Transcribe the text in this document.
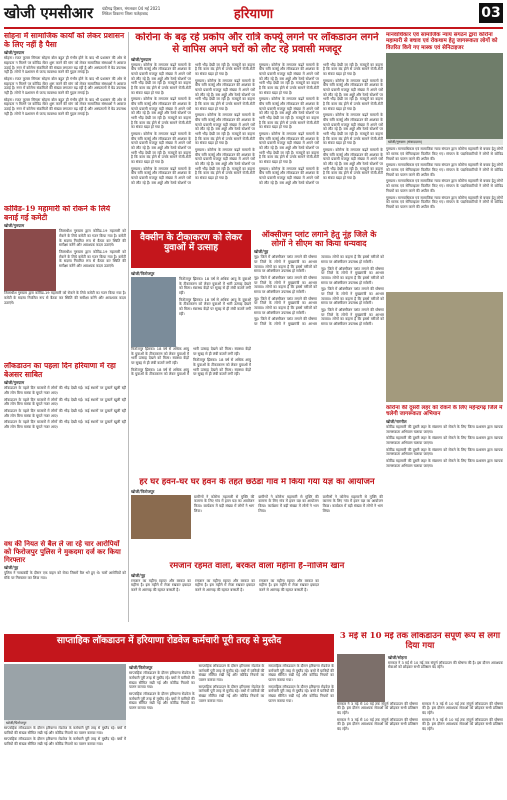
खोजी एमसीआर चंडीगढ़ हिसार, मंगलवार 04 मई 2021
लिंकेश ठिकाना जिला फतेहाबाद	हरियाणा	03
सोहना में सामाजिक कार्यों को लेकर प्रशासन के लिए नहीं है पैसा
खोजी/गुरुग्राम

सोहना। रजत कुमार सिंगला सोहना बोल बहुत ही गंभीर होने के बाद भी प्रशासन की ओर से सहायता न मिलने पर कोविड सेंटर शुरू करने की मांग को लेकर सामाजिक संस्थाओं ने आवाज उठाई है। नगर में कोरोना संक्रमितों की संख्या लगातार बढ़ रही है और अस्पतालों में बेड उपलब्ध नहीं हैं। लोगों ने प्रशासन से जल्द व्यवस्था करने की गुहार लगाई है।

सोहना। रजत कुमार सिंगला सोहना बोल बहुत ही गंभीर होने के बाद भी प्रशासन की ओर से सहायता न मिलने पर कोविड सेंटर शुरू करने की मांग को लेकर सामाजिक संस्थाओं ने आवाज उठाई है। नगर में कोरोना संक्रमितों की संख्या लगातार बढ़ रही है और अस्पतालों में बेड उपलब्ध नहीं हैं। लोगों ने प्रशासन से जल्द व्यवस्था करने की गुहार लगाई है।

सोहना। रजत कुमार सिंगला सोहना बोल बहुत ही गंभीर होने के बाद भी प्रशासन की ओर से सहायता न मिलने पर कोविड सेंटर शुरू करने की मांग को लेकर सामाजिक संस्थाओं ने आवाज उठाई है। नगर में कोरोना संक्रमितों की संख्या लगातार बढ़ रही है और अस्पतालों में बेड उपलब्ध नहीं हैं। लोगों ने प्रशासन से जल्द व्यवस्था करने की गुहार लगाई है।

कोविड-19 महामारी को रोकने के लिये बनाई गई कमेटी
खोजी/गुरुग्राम

जिलाधीश गुरुग्राम द्वारा कोविड-19 महामारी को रोकने के लिये कमेटी का गठन किया गया है। कमेटी के सदस्य नियमित रूप से बैठक कर स्थिति की समीक्षा करेंगे और आवश्यक कदम उठाएंगे।

जिलाधीश गुरुग्राम द्वारा कोविड-19 महामारी को रोकने के लिये कमेटी का गठन किया गया है। कमेटी के सदस्य नियमित रूप से बैठक कर स्थिति की समीक्षा करेंगे और आवश्यक कदम उठाएंगे।

जिलाधीश गुरुग्राम द्वारा कोविड-19 महामारी को रोकने के लिये कमेटी का गठन किया गया है। कमेटी के सदस्य नियमित रूप से बैठक कर स्थिति की समीक्षा करेंगे और आवश्यक कदम उठाएंगे।

लॉकडाउन का पहला दिन हरियाणा में रहा बेअसर साबित
खोजी/गुरुग्राम

लॉकडाउन के पहले दिन बाजारों में लोगों की भीड़ देखी गई। कई स्थानों पर दुकानें खुली रहीं और लोग बिना मास्क के घूमते नजर आए।

लॉकडाउन के पहले दिन बाजारों में लोगों की भीड़ देखी गई। कई स्थानों पर दुकानें खुली रहीं और लोग बिना मास्क के घूमते नजर आए।

लॉकडाउन के पहले दिन बाजारों में लोगों की भीड़ देखी गई। कई स्थानों पर दुकानें खुली रहीं और लोग बिना मास्क के घूमते नजर आए।

लॉकडाउन के पहले दिन बाजारों में लोगों की भीड़ देखी गई। कई स्थानों पर दुकानें खुली रहीं और लोग बिना मास्क के घूमते नजर आए।

वध की नियत से बैल ले जा रहे चार आरोपियों को फिरोजपुर पुलिस ने मुकदमा दर्ज कर किया गिरफ्तार
खोजी/नूह

पुलिस ने नाकाबंदी के दौरान एक वाहन को रोका जिसमें बैल भरे हुए थे। चारों आरोपियों को मौके पर गिरफ्तार कर लिया गया।

कोरोना के बढ़ रहे प्रकोप और रात्रि कर्फ्यू लगने पर लॉकडाउन लगने से वापिस अपने घरों को लौट रहे प्रवासी मजदूर
खोजी/गुरुग्राम

गुरुग्राम। कोरोना के लगातार बढ़ते मामलों के बीच रात्रि कर्फ्यू और लॉकडाउन की आशंका के चलते प्रवासी मजदूर बड़ी संख्या में अपने घरों को लौट रहे हैं। बस अड्डों और रेलवे स्टेशनों पर भारी भीड़ देखी जा रही है। मजदूरों का कहना है कि काम बंद होने से उनके सामने रोजी-रोटी का संकट खड़ा हो गया है।

गुरुग्राम। कोरोना के लगातार बढ़ते मामलों के बीच रात्रि कर्फ्यू और लॉकडाउन की आशंका के चलते प्रवासी मजदूर बड़ी संख्या में अपने घरों को लौट रहे हैं। बस अड्डों और रेलवे स्टेशनों पर भारी भीड़ देखी जा रही है। मजदूरों का कहना है कि काम बंद होने से उनके सामने रोजी-रोटी का संकट खड़ा हो गया है।

गुरुग्राम। कोरोना के लगातार बढ़ते मामलों के बीच रात्रि कर्फ्यू और लॉकडाउन की आशंका के चलते प्रवासी मजदूर बड़ी संख्या में अपने घरों को लौट रहे हैं। बस अड्डों और रेलवे स्टेशनों पर भारी भीड़ देखी जा रही है। मजदूरों का कहना है कि काम बंद होने से उनके सामने रोजी-रोटी का संकट खड़ा हो गया है।

गुरुग्राम। कोरोना के लगातार बढ़ते मामलों के बीच रात्रि कर्फ्यू और लॉकडाउन की आशंका के चलते प्रवासी मजदूर बड़ी संख्या में अपने घरों को लौट रहे हैं। बस अड्डों और रेलवे स्टेशनों पर भारी भीड़ देखी जा रही है। मजदूरों का कहना है कि काम बंद होने से उनके सामने रोजी-रोटी का संकट खड़ा हो गया है।

गुरुग्राम। कोरोना के लगातार बढ़ते मामलों के बीच रात्रि कर्फ्यू और लॉकडाउन की आशंका के चलते प्रवासी मजदूर बड़ी संख्या में अपने घरों को लौट रहे हैं। बस अड्डों और रेलवे स्टेशनों पर भारी भीड़ देखी जा रही है। मजदूरों का कहना है कि काम बंद होने से उनके सामने रोजी-रोटी का संकट खड़ा हो गया है।

गुरुग्राम। कोरोना के लगातार बढ़ते मामलों के बीच रात्रि कर्फ्यू और लॉकडाउन की आशंका के चलते प्रवासी मजदूर बड़ी संख्या में अपने घरों को लौट रहे हैं। बस अड्डों और रेलवे स्टेशनों पर भारी भीड़ देखी जा रही है। मजदूरों का कहना है कि काम बंद होने से उनके सामने रोजी-रोटी का संकट खड़ा हो गया है।

गुरुग्राम। कोरोना के लगातार बढ़ते मामलों के बीच रात्रि कर्फ्यू और लॉकडाउन की आशंका के चलते प्रवासी मजदूर बड़ी संख्या में अपने घरों को लौट रहे हैं। बस अड्डों और रेलवे स्टेशनों पर भारी भीड़ देखी जा रही है। मजदूरों का कहना है कि काम बंद होने से उनके सामने रोजी-रोटी का संकट खड़ा हो गया है।

गुरुग्राम। कोरोना के लगातार बढ़ते मामलों के बीच रात्रि कर्फ्यू और लॉकडाउन की आशंका के चलते प्रवासी मजदूर बड़ी संख्या में अपने घरों को लौट रहे हैं। बस अड्डों और रेलवे स्टेशनों पर भारी भीड़ देखी जा रही है। मजदूरों का कहना है कि काम बंद होने से उनके सामने रोजी-रोटी का संकट खड़ा हो गया है।

गुरुग्राम। कोरोना के लगातार बढ़ते मामलों के बीच रात्रि कर्फ्यू और लॉकडाउन की आशंका के चलते प्रवासी मजदूर बड़ी संख्या में अपने घरों को लौट रहे हैं। बस अड्डों और रेलवे स्टेशनों पर भारी भीड़ देखी जा रही है। मजदूरों का कहना है कि काम बंद होने से उनके सामने रोजी-रोटी का संकट खड़ा हो गया है।

गुरुग्राम। कोरोना के लगातार बढ़ते मामलों के बीच रात्रि कर्फ्यू और लॉकडाउन की आशंका के चलते प्रवासी मजदूर बड़ी संख्या में अपने घरों को लौट रहे हैं। बस अड्डों और रेलवे स्टेशनों पर भारी भीड़ देखी जा रही है। मजदूरों का कहना है कि काम बंद होने से उनके सामने रोजी-रोटी का संकट खड़ा हो गया है।

गुरुग्राम। कोरोना के लगातार बढ़ते मामलों के बीच रात्रि कर्फ्यू और लॉकडाउन की आशंका के चलते प्रवासी मजदूर बड़ी संख्या में अपने घरों को लौट रहे हैं। बस अड्डों और रेलवे स्टेशनों पर भारी भीड़ देखी जा रही है। मजदूरों का कहना है कि काम बंद होने से उनके सामने रोजी-रोटी का संकट खड़ा हो गया है।

गुरुग्राम। कोरोना के लगातार बढ़ते मामलों के बीच रात्रि कर्फ्यू और लॉकडाउन की आशंका के चलते प्रवासी मजदूर बड़ी संख्या में अपने घरों को लौट रहे हैं। बस अड्डों और रेलवे स्टेशनों पर भारी भीड़ देखी जा रही है। मजदूरों का कहना है कि काम बंद होने से उनके सामने रोजी-रोटी का संकट खड़ा हो गया है।

गुरुग्राम। कोरोना के लगातार बढ़ते मामलों के बीच रात्रि कर्फ्यू और लॉकडाउन की आशंका के चलते प्रवासी मजदूर बड़ी संख्या में अपने घरों को लौट रहे हैं। बस अड्डों और रेलवे स्टेशनों पर भारी भीड़ देखी जा रही है। मजदूरों का कहना है कि काम बंद होने से उनके सामने रोजी-रोटी का संकट खड़ा हो गया है।

गुरुग्राम। कोरोना के लगातार बढ़ते मामलों के बीच रात्रि कर्फ्यू और लॉकडाउन की आशंका के चलते प्रवासी मजदूर बड़ी संख्या में अपने घरों को लौट रहे हैं। बस अड्डों और रेलवे स्टेशनों पर भारी भीड़ देखी जा रही है। मजदूरों का कहना है कि काम बंद होने से उनके सामने रोजी-रोटी का संकट खड़ा हो गया है।

मानवाधिकार एवं सामाजिक न्याय संगठन द्वारा कोरोना महामारी से बचाव एवं रोकथाम हेतु जागरूकता लोगों को वितरित किये गए मास्क एवं सेनिटाइजर
खोजी/गुरुग्राम (संवाददाता)

गुरुग्राम। मानवाधिकार एवं सामाजिक न्याय संगठन द्वारा कोरोना महामारी से बचाव हेतु लोगों को मास्क एवं सेनिटाइजर वितरित किए गए। संगठन के पदाधिकारियों ने लोगों से कोविड नियमों का पालन करने की अपील की।

गुरुग्राम। मानवाधिकार एवं सामाजिक न्याय संगठन द्वारा कोरोना महामारी से बचाव हेतु लोगों को मास्क एवं सेनिटाइजर वितरित किए गए। संगठन के पदाधिकारियों ने लोगों से कोविड नियमों का पालन करने की अपील की।

गुरुग्राम। मानवाधिकार एवं सामाजिक न्याय संगठन द्वारा कोरोना महामारी से बचाव हेतु लोगों को मास्क एवं सेनिटाइजर वितरित किए गए। संगठन के पदाधिकारियों ने लोगों से कोविड नियमों का पालन करने की अपील की।

गुरुग्राम। मानवाधिकार एवं सामाजिक न्याय संगठन द्वारा कोरोना महामारी से बचाव हेतु लोगों को मास्क एवं सेनिटाइजर वितरित किए गए। संगठन के पदाधिकारियों ने लोगों से कोविड नियमों का पालन करने की अपील की।

वैक्सीन के टीकाकरण को लेकर युवाओं में उत्साह
खोजी/फिरोजपुर

फिरोजपुर झिरका। 18 वर्ष से अधिक आयु के युवाओं के टीकाकरण को लेकर युवाओं में भारी उत्साह देखने को मिला। स्वास्थ्य केंद्रों पर सुबह से ही लंबी कतारें लगी रहीं।

फिरोजपुर झिरका। 18 वर्ष से अधिक आयु के युवाओं के टीकाकरण को लेकर युवाओं में भारी उत्साह देखने को मिला। स्वास्थ्य केंद्रों पर सुबह से ही लंबी कतारें लगी रहीं।

फिरोजपुर झिरका। 18 वर्ष से अधिक आयु के युवाओं के टीकाकरण को लेकर युवाओं में भारी उत्साह देखने को मिला। स्वास्थ्य केंद्रों पर सुबह से ही लंबी कतारें लगी रहीं।

फिरोजपुर झिरका। 18 वर्ष से अधिक आयु के युवाओं के टीकाकरण को लेकर युवाओं में भारी उत्साह देखने को मिला। स्वास्थ्य केंद्रों पर सुबह से ही लंबी कतारें लगी रहीं।

फिरोजपुर झिरका। 18 वर्ष से अधिक आयु के युवाओं के टीकाकरण को लेकर युवाओं में भारी उत्साह देखने को मिला। स्वास्थ्य केंद्रों पर सुबह से ही लंबी कतारें लगी रहीं।

ऑक्सीजन प्लांट लगाने हेतु नूंह जिले के लोगों ने सीएम का किया धन्यवाद
खोजी/नूह

नूह। जिले में ऑक्सीजन प्लांट लगाने की घोषणा पर जिले के लोगों ने मुख्यमंत्री का आभार जताया। लोगों का कहना है कि इससे मरीजों को समय पर ऑक्सीजन उपलब्ध हो सकेगी।

नूह। जिले में ऑक्सीजन प्लांट लगाने की घोषणा पर जिले के लोगों ने मुख्यमंत्री का आभार जताया। लोगों का कहना है कि इससे मरीजों को समय पर ऑक्सीजन उपलब्ध हो सकेगी।

नूह। जिले में ऑक्सीजन प्लांट लगाने की घोषणा पर जिले के लोगों ने मुख्यमंत्री का आभार जताया। लोगों का कहना है कि इससे मरीजों को समय पर ऑक्सीजन उपलब्ध हो सकेगी।

नूह। जिले में ऑक्सीजन प्लांट लगाने की घोषणा पर जिले के लोगों ने मुख्यमंत्री का आभार जताया। लोगों का कहना है कि इससे मरीजों को समय पर ऑक्सीजन उपलब्ध हो सकेगी।

नूह। जिले में ऑक्सीजन प्लांट लगाने की घोषणा पर जिले के लोगों ने मुख्यमंत्री का आभार जताया। लोगों का कहना है कि इससे मरीजों को समय पर ऑक्सीजन उपलब्ध हो सकेगी।

नूह। जिले में ऑक्सीजन प्लांट लगाने की घोषणा पर जिले के लोगों ने मुख्यमंत्री का आभार जताया। लोगों का कहना है कि इससे मरीजों को समय पर ऑक्सीजन उपलब्ध हो सकेगी।

नूह। जिले में ऑक्सीजन प्लांट लगाने की घोषणा पर जिले के लोगों ने मुख्यमंत्री का आभार जताया। लोगों का कहना है कि इससे मरीजों को समय पर ऑक्सीजन उपलब्ध हो सकेगी।

कोरोना की दूसरी लहर को रोकने के लिए महेन्द्रगढ़ जिले में चलेगी जागरूकता अभियान
खोजी/नारनौल

कोविड महामारी की दूसरी लहर के संक्रमण को रोकने के लिए जिला प्रशासन द्वारा व्यापक जागरूकता अभियान चलाया जाएगा।

कोविड महामारी की दूसरी लहर के संक्रमण को रोकने के लिए जिला प्रशासन द्वारा व्यापक जागरूकता अभियान चलाया जाएगा।

कोविड महामारी की दूसरी लहर के संक्रमण को रोकने के लिए जिला प्रशासन द्वारा व्यापक जागरूकता अभियान चलाया जाएगा।

कोविड महामारी की दूसरी लहर के संक्रमण को रोकने के लिए जिला प्रशासन द्वारा व्यापक जागरूकता अभियान चलाया जाएगा।

हर घर हवन-घर घर हवन के तहत छठेडा गांव में किया गया यज्ञ का आयोजन
खोजी/फिरोजपुर

ग्रामीणों ने कोरोना महामारी से मुक्ति की कामना के लिए गांव में हवन यज्ञ का आयोजन किया। कार्यक्रम में बड़ी संख्या में लोगों ने भाग लिया।

ग्रामीणों ने कोरोना महामारी से मुक्ति की कामना के लिए गांव में हवन यज्ञ का आयोजन किया। कार्यक्रम में बड़ी संख्या में लोगों ने भाग लिया।

ग्रामीणों ने कोरोना महामारी से मुक्ति की कामना के लिए गांव में हवन यज्ञ का आयोजन किया। कार्यक्रम में बड़ी संख्या में लोगों ने भाग लिया।

रमजान रहमत वाला, बरकत वाला महीना है–नाजिम खान
खोजी/नूह

रमजान का महीना रहमत और बरकत का महीना है। इस महीने में रोजा रखकर इबादत करने से अल्लाह की रहमत बरसती है।

रमजान का महीना रहमत और बरकत का महीना है। इस महीने में रोजा रखकर इबादत करने से अल्लाह की रहमत बरसती है।

रमजान का महीना रहमत और बरकत का महीना है। इस महीने में रोजा रखकर इबादत करने से अल्लाह की रहमत बरसती है।

साप्ताहिक लॉकडाउन में हरियाणा रोडवेज कर्मचारी पूरी तरह से मुस्तैद
खोजी/फिरोजपुर

साप्ताहिक लॉकडाउन के दौरान हरियाणा रोडवेज के कर्मचारी पूरी तरह से मुस्तैद रहे। बसों में यात्रियों की संख्या सीमित रखी गई और कोविड नियमों का पालन कराया गया।

साप्ताहिक लॉकडाउन के दौरान हरियाणा रोडवेज के कर्मचारी पूरी तरह से मुस्तैद रहे। बसों में यात्रियों की संख्या सीमित रखी गई और कोविड नियमों का पालन कराया गया।

खोजी/फिरोजपुर

साप्ताहिक लॉकडाउन के दौरान हरियाणा रोडवेज के कर्मचारी पूरी तरह से मुस्तैद रहे। बसों में यात्रियों की संख्या सीमित रखी गई और कोविड नियमों का पालन कराया गया।

साप्ताहिक लॉकडाउन के दौरान हरियाणा रोडवेज के कर्मचारी पूरी तरह से मुस्तैद रहे। बसों में यात्रियों की संख्या सीमित रखी गई और कोविड नियमों का पालन कराया गया।

साप्ताहिक लॉकडाउन के दौरान हरियाणा रोडवेज के कर्मचारी पूरी तरह से मुस्तैद रहे। बसों में यात्रियों की संख्या सीमित रखी गई और कोविड नियमों का पालन कराया गया।

साप्ताहिक लॉकडाउन के दौरान हरियाणा रोडवेज के कर्मचारी पूरी तरह से मुस्तैद रहे। बसों में यात्रियों की संख्या सीमित रखी गई और कोविड नियमों का पालन कराया गया।

साप्ताहिक लॉकडाउन के दौरान हरियाणा रोडवेज के कर्मचारी पूरी तरह से मुस्तैद रहे। बसों में यात्रियों की संख्या सीमित रखी गई और कोविड नियमों का पालन कराया गया।

साप्ताहिक लॉकडाउन के दौरान हरियाणा रोडवेज के कर्मचारी पूरी तरह से मुस्तैद रहे। बसों में यात्रियों की संख्या सीमित रखी गई और कोविड नियमों का पालन कराया गया।

3 मई से 10 मई तक लॉकडाउन संपूर्ण रूप से लगा दिया गया
खोजी/सोहना

सरकार ने 3 मई से 10 मई तक संपूर्ण लॉकडाउन की घोषणा की है। इस दौरान आवश्यक सेवाओं को छोड़कर सभी प्रतिष्ठान बंद रहेंगे।

सरकार ने 3 मई से 10 मई तक संपूर्ण लॉकडाउन की घोषणा की है। इस दौरान आवश्यक सेवाओं को छोड़कर सभी प्रतिष्ठान बंद रहेंगे।

सरकार ने 3 मई से 10 मई तक संपूर्ण लॉकडाउन की घोषणा की है। इस दौरान आवश्यक सेवाओं को छोड़कर सभी प्रतिष्ठान बंद रहेंगे।

सरकार ने 3 मई से 10 मई तक संपूर्ण लॉकडाउन की घोषणा की है। इस दौरान आवश्यक सेवाओं को छोड़कर सभी प्रतिष्ठान बंद रहेंगे।

सरकार ने 3 मई से 10 मई तक संपूर्ण लॉकडाउन की घोषणा की है। इस दौरान आवश्यक सेवाओं को छोड़कर सभी प्रतिष्ठान बंद रहेंगे।
